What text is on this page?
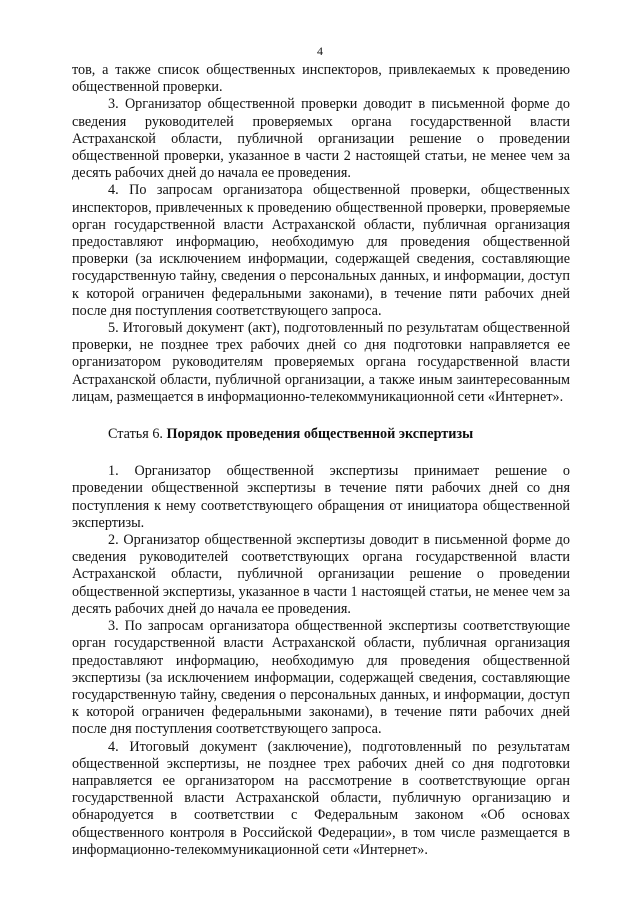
4

тов, а также список общественных инспекторов, привлекаемых к проведению общественной проверки.

3. Организатор общественной проверки доводит в письменной форме до сведения руководителей проверяемых органа государственной власти Астраханской области, публичной организации решение о проведении общественной проверки, указанное в части 2 настоящей статьи, не менее чем за десять рабочих дней до начала ее проведения.

4. По запросам организатора общественной проверки, общественных инспекторов, привлеченных к проведению общественной проверки, проверяемые орган государственной власти Астраханской области, публичная организация предоставляют информацию, необходимую для проведения общественной проверки (за исключением информации, содержащей сведения, составляющие государственную тайну, сведения о персональных данных, и информации, доступ к которой ограничен федеральными законами), в течение пяти рабочих дней после дня поступления соответствующего запроса.

5. Итоговый документ (акт), подготовленный по результатам общественной проверки, не позднее трех рабочих дней со дня подготовки направляется ее организатором руководителям проверяемых органа государственной власти Астраханской области, публичной организации, а также иным заинтересованным лицам, размещается в информационно-телекоммуникационной сети «Интернет».

Статья 6. Порядок проведения общественной экспертизы

1. Организатор общественной экспертизы принимает решение о проведении общественной экспертизы в течение пяти рабочих дней со дня поступления к нему соответствующего обращения от инициатора общественной экспертизы.

2. Организатор общественной экспертизы доводит в письменной форме до сведения руководителей соответствующих органа государственной власти Астраханской области, публичной организации решение о проведении общественной экспертизы, указанное в части 1 настоящей статьи, не менее чем за десять рабочих дней до начала ее проведения.

3. По запросам организатора общественной экспертизы соответствующие орган государственной власти Астраханской области, публичная организация предоставляют информацию, необходимую для проведения общественной экспертизы (за исключением информации, содержащей сведения, составляющие государственную тайну, сведения о персональных данных, и информации, доступ к которой ограничен федеральными законами), в течение пяти рабочих дней после дня поступления соответствующего запроса.

4. Итоговый документ (заключение), подготовленный по результатам общественной экспертизы, не позднее трех рабочих дней со дня подготовки направляется ее организатором на рассмотрение в соответствующие орган государственной власти Астраханской области, публичную организацию и обнародуется в соответствии с Федеральным законом «Об основах общественного контроля в Российской Федерации», в том числе размещается в информационно-телекоммуникационной сети «Интернет».
